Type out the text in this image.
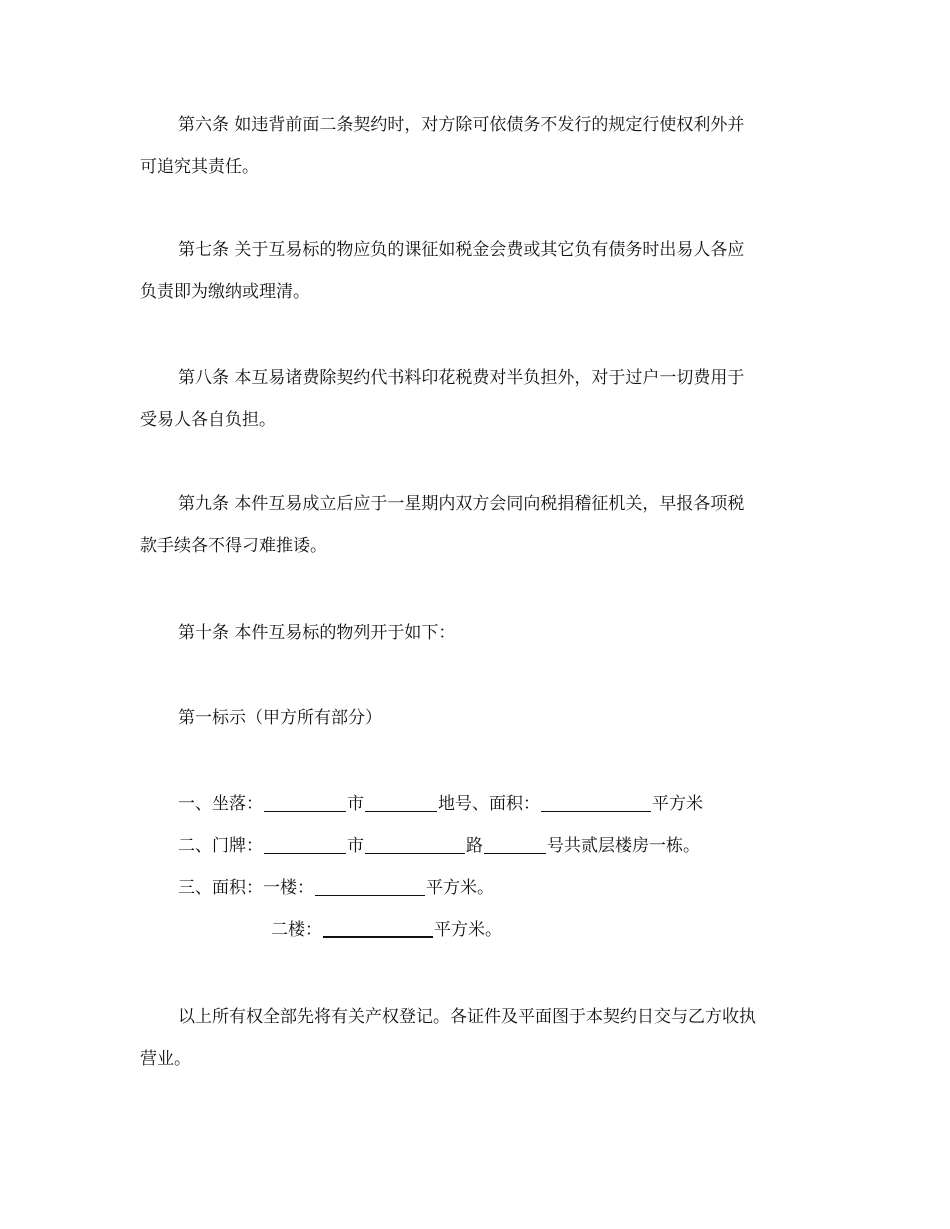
第六条 如违背前面二条契约时，对方除可依债务不发行的规定行使权利外并
可追究其责任。
第七条 关于互易标的物应负的课征如税金会费或其它负有债务时出易人各应
负责即为缴纳或理清。
第八条 本互易诸费除契约代书料印花税费对半负担外，对于过户一切费用于
受易人各自负担。
第九条 本件互易成立后应于一星期内双方会同向税捐稽征机关，早报各项税
款手续各不得刁难推诿。
第十条 本件互易标的物列开于如下：
第一标示（甲方所有部分）
一、坐落：	市	地号、面积：	平方米
二、门牌：	市	路	号共贰层楼房一栋。
三、面积：一楼：	平方米。
二楼：	平方米。
以上所有权全部先将有关产权登记。各证件及平面图于本契约日交与乙方收执
营业。
